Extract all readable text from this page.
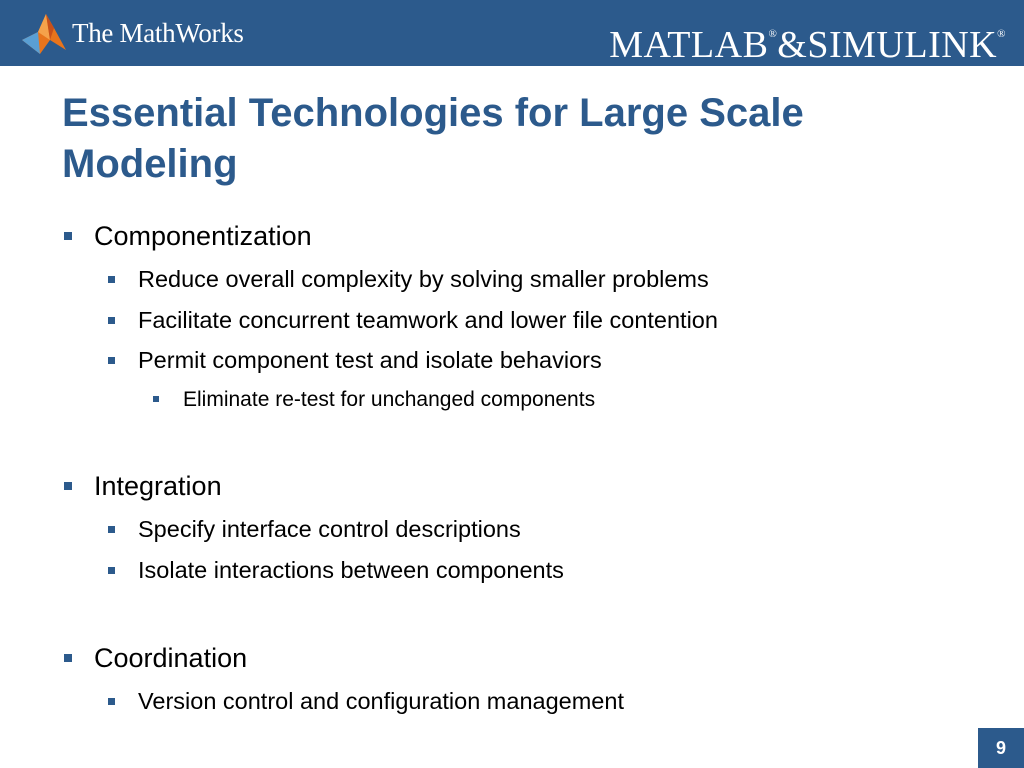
The MathWorks	MATLAB®&SIMULINK®
Essential Technologies for Large Scale Modeling
Componentization
Reduce overall complexity by solving smaller problems
Facilitate concurrent teamwork and lower file contention
Permit component test and isolate behaviors
Eliminate re-test for unchanged components
Integration
Specify interface control descriptions
Isolate interactions between components
Coordination
Version control and configuration management
9
